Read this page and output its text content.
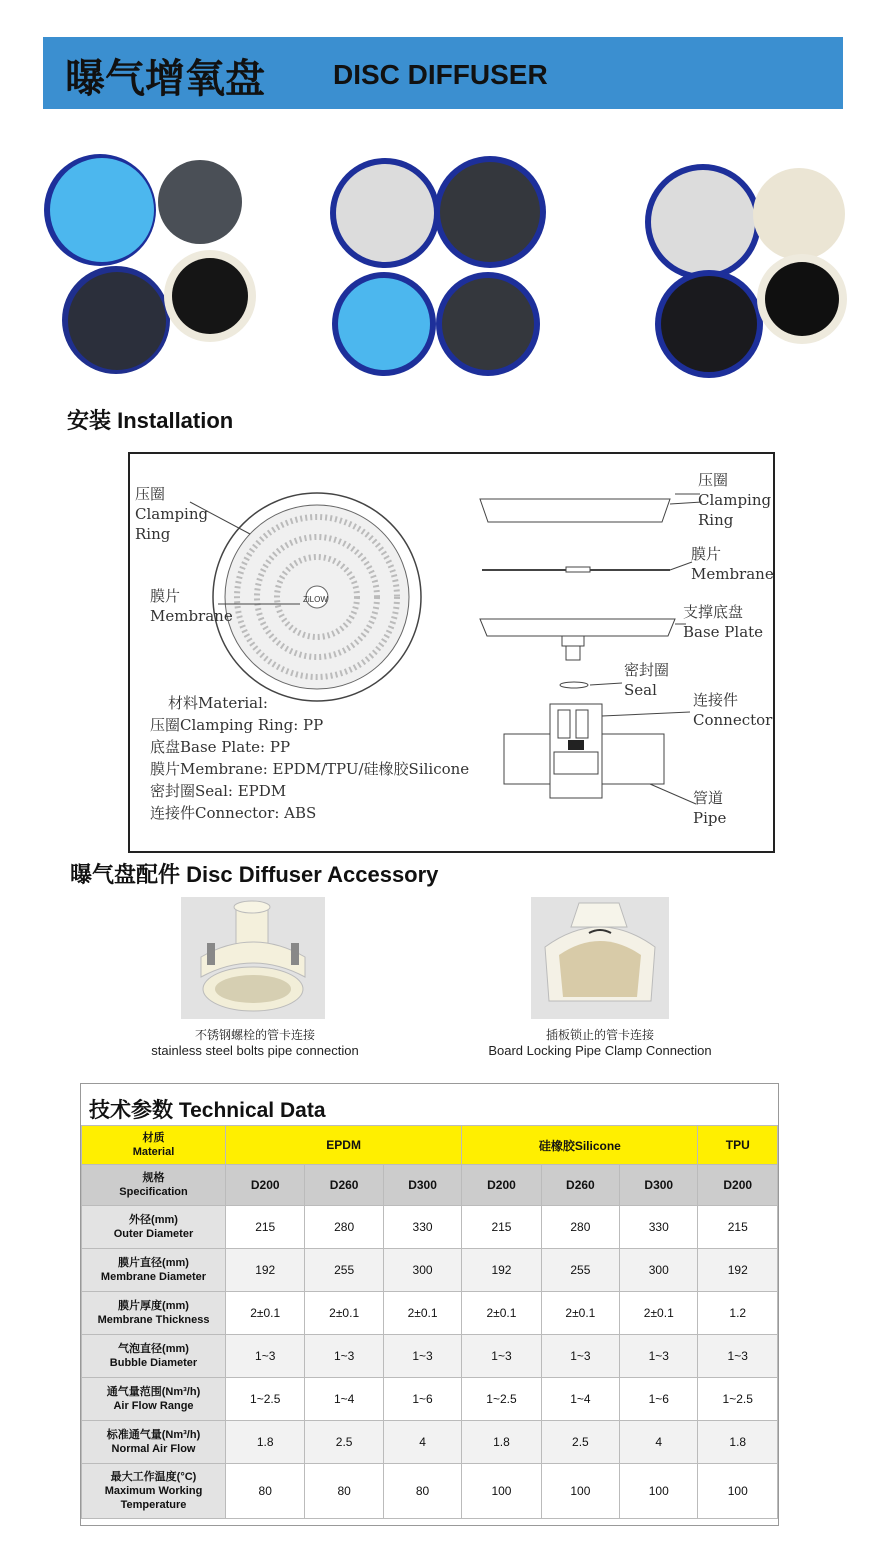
曝气增氧盘 DISC DIFFUSER
安装 Installation
压圈
Clamping
Ring
膜片
Membrane
ZiLOW
材料Material:
压圈Clamping Ring: PP
底盘Base Plate: PP
膜片Membrane: EPDM/TPU/硅橡胶Silicone
密封圈Seal: EPDM
连接件Connector: ABS
压圈
Clamping
Ring
膜片
Membrane
支撑底盘
Base Plate
密封圈
Seal
连接件
Connector
管道
Pipe
曝气盘配件 Disc Diffuser Accessory
不锈钢螺栓的管卡连接
stainless steel bolts pipe connection
插板锁止的管卡连接
Board Locking Pipe Clamp Connection
技术参数 Technical Data
材质
Material	EPDM			硅橡胶Silicone			TPU

规格
Specification	D200	D260	D300	D200	D260	D300	D200

外径(mm)
Outer Diameter	215	280	330	215	280	330	215

膜片直径(mm)
Membrane Diameter	192	255	300	192	255	300	192

膜片厚度(mm)
Membrane Thickness	2±0.1	2±0.1	2±0.1	2±0.1	2±0.1	2±0.1	1.2

气泡直径(mm)
Bubble Diameter	1~3	1~3	1~3	1~3	1~3	1~3	1~3

通气量范围(Nm³/h)
Air Flow Range	1~2.5	1~4	1~6	1~2.5	1~4	1~6	1~2.5

标准通气量(Nm³/h)
Normal Air Flow	1.8	2.5	4	1.8	2.5	4	1.8

最大工作温度(°C)
Maximum Working
Temperature	80	80	80	100	100	100	100
